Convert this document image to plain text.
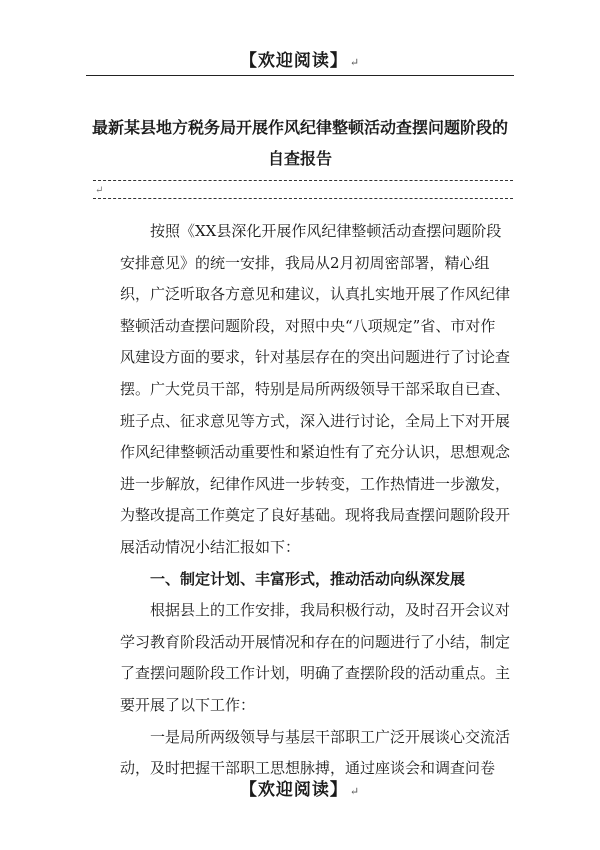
【欢迎阅读】 ↵
最新某县地方税务局开展作风纪律整顿活动查摆问题阶段的自查报告
↵

按照《XX县深化开展作风纪律整顿活动查摆问题阶段安排意见》的统一安排，我局从2月初周密部署，精心组织，广泛听取各方意见和建议，认真扎实地开展了作风纪律整顿活动查摆问题阶段，对照中央“八项规定”省、市对作风建设方面的要求，针对基层存在的突出问题进行了讨论查摆。广大党员干部，特别是局所两级领导干部采取自已查、班子点、征求意见等方式，深入进行讨论，全局上下对开展作风纪律整顿活动重要性和紧迫性有了充分认识，思想观念进一步解放，纪律作风进一步转变，工作热情进一步激发，为整改提高工作奠定了良好基础。现将我局查摆问题阶段开展活动情况小结汇报如下：

一、制定计划、丰富形式，推动活动向纵深发展

根据县上的工作安排，我局积极行动，及时召开会议对学习教育阶段活动开展情况和存在的问题进行了小结，制定了查摆问题阶段工作计划，明确了查摆阶段的活动重点。主要开展了以下工作：

一是局所两级领导与基层干部职工广泛开展谈心交流活动，及时把握干部职工思想脉搏，通过座谈会和调查问卷

【欢迎阅读】 ↵
